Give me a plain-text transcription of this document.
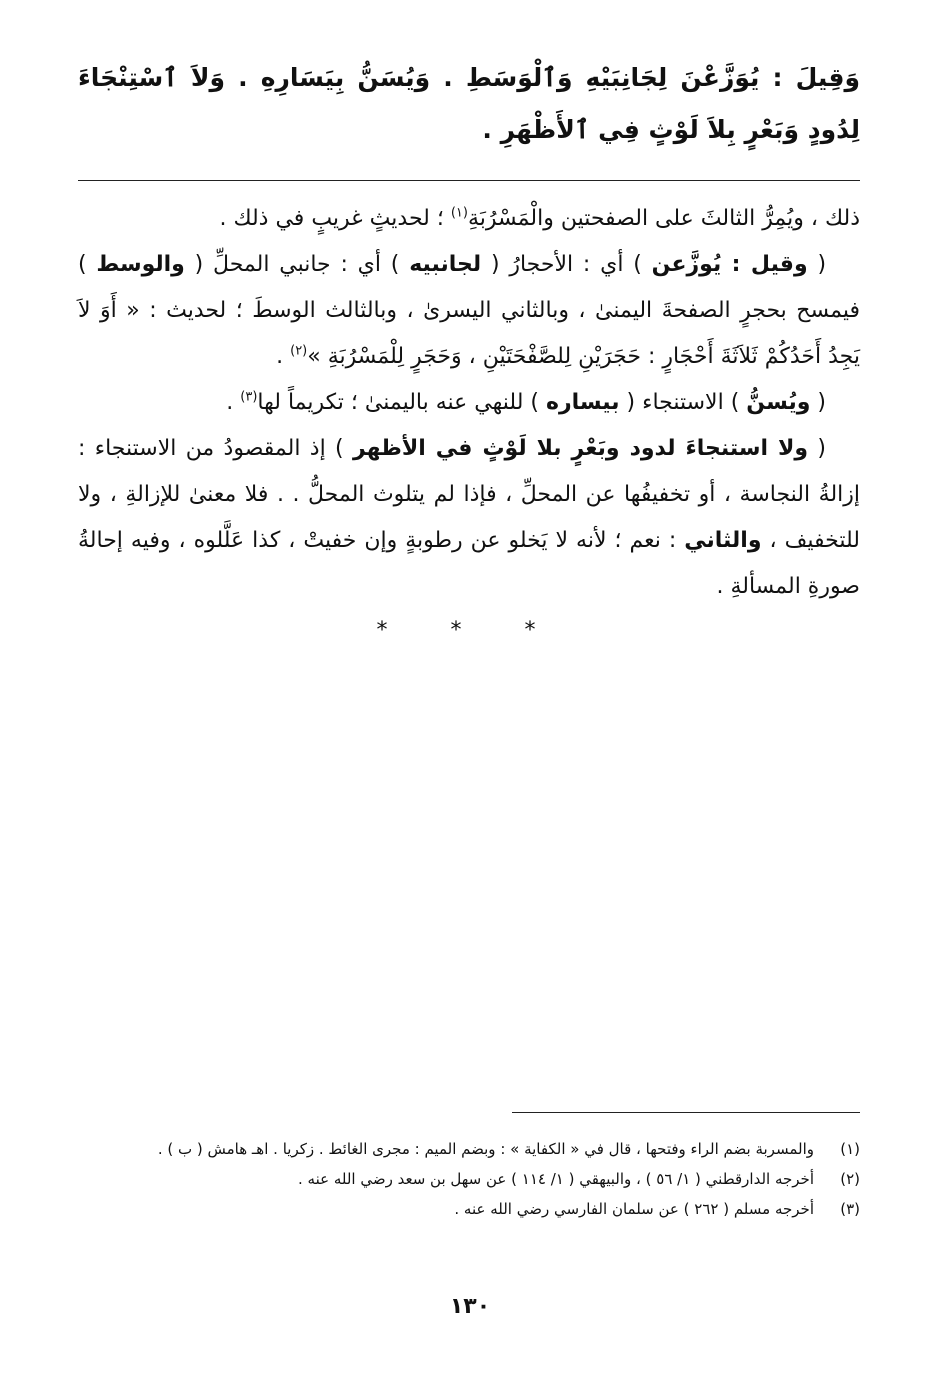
وَقِيلَ : يُوَزَّعْنَ لِجَانِبَيْهِ وَٱلْوَسَطِ . وَيُسَنُّ بِيَسَارِهِ . وَلاَ ٱسْتِنْجَاءَ لِدُودٍ وَبَعْرٍ بِلاَ لَوْثٍ فِي ٱلأَظْهَرِ .

ذلك ، ويُمِرُّ الثالثَ على الصفحتين والْمَسْرُبَةِ$^{(١)}$ ؛ لحديثٍ غريبٍ في ذلك .

( وقيل : يُوزَّعن ) أي : الأحجارُ ( لجانبيه ) أي : جانبي المحلِّ ( والوسط ) فيمسح بحجرٍ الصفحةَ اليمنىٰ ، وبالثاني اليسرىٰ ، وبالثالث الوسطَ ؛ لحديث : « أَوَ لاَ يَجِدُ أَحَدُكُمْ ثَلاَثَةَ أَحْجَارٍ : حَجَرَيْنِ لِلصَّفْحَتَيْنِ ، وَحَجَرٍ لِلْمَسْرُبَةِ »$^{(٢)}$ .

( ويُسنُّ ) الاستنجاء ( بيساره ) للنهي عنه باليمنىٰ ؛ تكريماً لها$^{(٣)}$ .

( ولا استنجاءَ لدود وبَعْرٍ بلا لَوْثٍ في الأظهر ) إذ المقصودُ من الاستنجاء : إزالةُ النجاسة ، أو تخفيفُها عن المحلِّ ، فإذا لم يتلوث المحلُّ . . فلا معنىٰ للإزالةِ ، ولا للتخفيف ، والثاني : نعم ؛ لأنه لا يَخلو عن رطوبةٍ وإن خفيتْ ، كذا عَلَّلوه ، وفيه إحالةُ صورةِ المسألةِ .

* * *
(١)
والمسربة بضم الراء وفتحها ، قال في « الكفاية » : وبضم الميم : مجرى الغائط . زكريا . اهـ هامش ( ب ) .
(٢)
أخرجه الدارقطني ( ١/ ٥٦ ) ، والبيهقي ( ١/ ١١٤ ) عن سهل بن سعد رضي الله عنه .
(٣)
أخرجه مسلم ( ٢٦٢ ) عن سلمان الفارسي رضي الله عنه .
١٣٠
